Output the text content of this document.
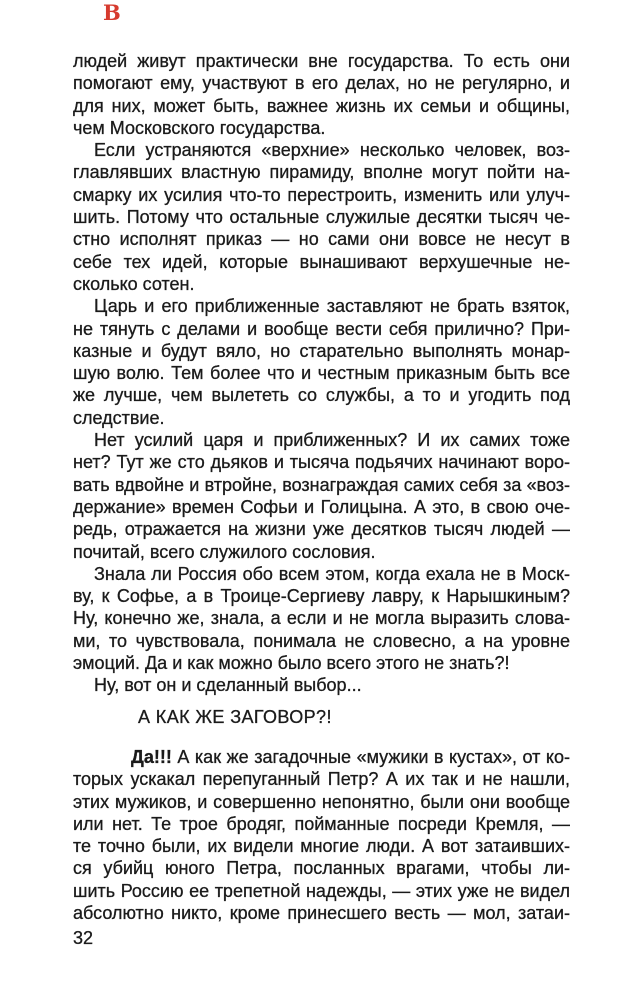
В
людей живут практически вне государства. То есть они
помогают ему, участвуют в его делах, но не регулярно, и
для них, может быть, важнее жизнь их семьи и общины,
чем Московского государства.
Если устраняются «верхние» несколько человек, воз-
главлявших властную пирамиду, вполне могут пойти на-
смарку их усилия что-то перестроить, изменить или улуч-
шить. Потому что остальные служилые десятки тысяч че-
стно исполнят приказ — но сами они вовсе не несут в
себе тех идей, которые вынашивают верхушечные не-
сколько сотен.
Царь и его приближенные заставляют не брать взяток,
не тянуть с делами и вообще вести себя прилично? При-
казные и будут вяло, но старательно выполнять монар-
шую волю. Тем более что и честным приказным быть все
же лучше, чем вылететь со службы, а то и угодить под
следствие.
Нет усилий царя и приближенных? И их самих тоже
нет? Тут же сто дьяков и тысяча подьячих начинают воро-
вать вдвойне и втройне, вознаграждая самих себя за «воз-
держание» времен Софьи и Голицына. А это, в свою оче-
редь, отражается на жизни уже десятков тысяч людей —
почитай, всего служилого сословия.
Знала ли Россия обо всем этом, когда ехала не в Моск-
ву, к Софье, а в Троице-Сергиеву лавру, к Нарышкиным?
Ну, конечно же, знала, а если и не могла выразить слова-
ми, то чувствовала, понимала не словесно, а на уровне
эмоций. Да и как можно было всего этого не знать?!
Ну, вот он и сделанный выбор...
А КАК ЖЕ ЗАГОВОР?!
Да!!! А как же загадочные «мужики в кустах», от ко-
торых ускакал перепуганный Петр? А их так и не нашли,
этих мужиков, и совершенно непонятно, были они вообще
или нет. Те трое бродяг, пойманные посреди Кремля, —
те точно были, их видели многие люди. А вот затаивших-
ся убийц юного Петра, посланных врагами, чтобы ли-
шить Россию ее трепетной надежды, — этих уже не видел
абсолютно никто, кроме принесшего весть — мол, затаи-
32
